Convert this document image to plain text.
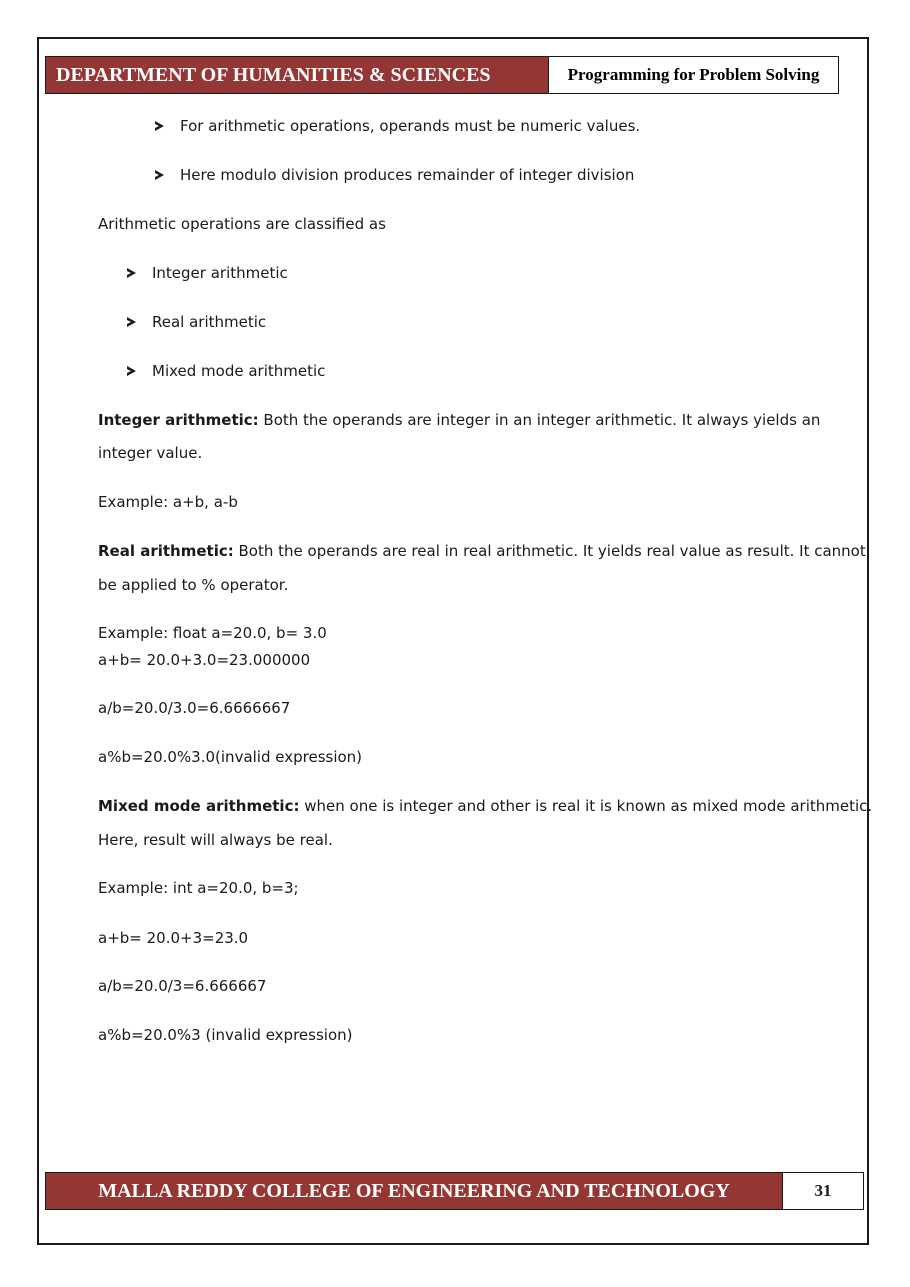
DEPARTMENT OF HUMANITIES & SCIENCES	Programming for Problem Solving
For arithmetic operations, operands must be numeric values.
Here modulo division produces remainder of integer division

Arithmetic operations are classified as

Integer arithmetic
Real arithmetic
Mixed mode arithmetic

Integer arithmetic: Both the operands are integer in an integer arithmetic. It always yields an

integer value.

Example: a+b, a-b

Real arithmetic: Both the operands are real in real arithmetic. It yields real value as result. It cannot

be applied to % operator.

Example: float a=20.0, b= 3.0

a+b= 20.0+3.0=23.000000

a/b=20.0/3.0=6.6666667

a%b=20.0%3.0(invalid expression)

Mixed mode arithmetic: when one is integer and other is real it is known as mixed mode arithmetic.

Here, result will always be real.

Example: int a=20.0, b=3;

a+b= 20.0+3=23.0

a/b=20.0/3=6.666667

a%b=20.0%3 (invalid expression)

MALLA REDDY COLLEGE OF ENGINEERING AND TECHNOLOGY	31
